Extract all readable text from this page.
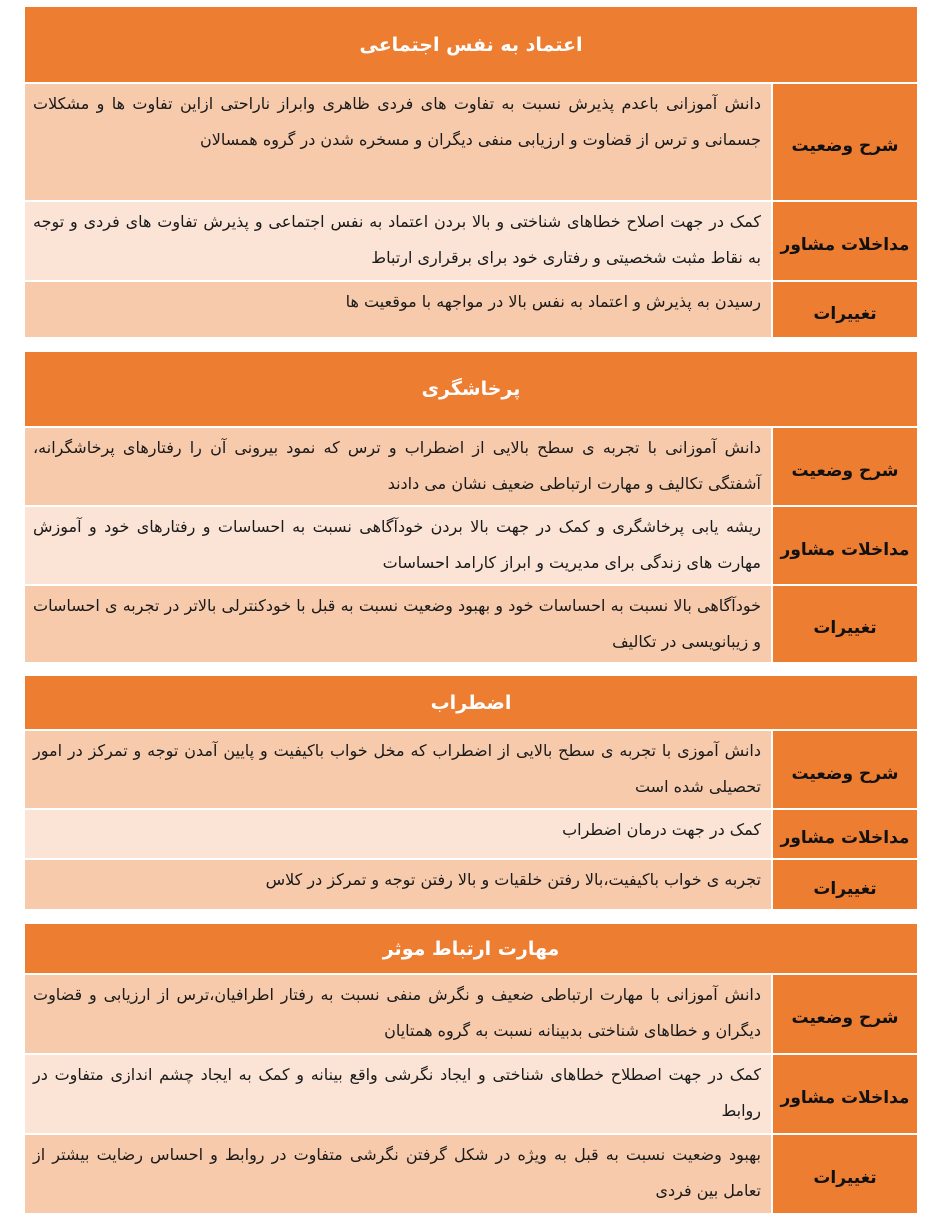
اعتماد به نفس اجتماعی
شرح وضعیت
دانش آموزانی باعدم پذیرش نسبت به تفاوت های فردی ظاهری وابراز ناراحتی ازاین تفاوت ها و مشکلات جسمانی و ترس از قضاوت و ارزیابی منفی دیگران و مسخره شدن در گروه همسالان
مداخلات مشاور
کمک در جهت اصلاح خطاهای شناختی و بالا بردن اعتماد به نفس اجتماعی و پذیرش تفاوت های فردی و توجه به نقاط مثبت شخصیتی و رفتاری خود برای برقراری ارتباط
تغییرات
رسیدن به پذیرش و اعتماد به نفس بالا در مواجهه با موقعیت ها
پرخاشگری
شرح وضعیت
دانش آموزانی با تجربه ی سطح بالایی از اضطراب و ترس که نمود بیرونی آن را رفتارهای پرخاشگرانه، آشفتگی تکالیف و مهارت ارتباطی ضعیف نشان می دادند
مداخلات مشاور
ریشه یابی پرخاشگری و کمک در جهت بالا بردن خودآگاهی نسبت به احساسات و رفتارهای خود و آموزش مهارت های زندگی برای مدیریت و ابراز کارامد احساسات
تغییرات
خودآگاهی بالا نسبت به احساسات خود و بهبود وضعیت نسبت به قبل با خودکنترلی بالاتر در تجربه ی احساسات و زیبانویسی در تکالیف
اضطراب
شرح وضعیت
دانش آموزی با تجربه ی سطح بالایی از اضطراب که مخل خواب باکیفیت و پایین آمدن توجه و تمرکز در امور تحصیلی شده است
مداخلات مشاور
کمک در جهت درمان اضطراب
تغییرات
تجربه ی خواب باکیفیت،بالا رفتن خلقیات و بالا رفتن توجه و تمرکز در کلاس
مهارت ارتباط موثر
شرح وضعیت
دانش آموزانی با مهارت ارتباطی ضعیف و نگرش منفی نسبت به رفتار اطرافیان،ترس از ارزیابی و قضاوت دیگران و خطاهای شناختی بدبینانه نسبت به گروه همتایان
مداخلات مشاور
کمک در جهت اصطلاح خطاهای شناختی و ایجاد نگرشی واقع بینانه و کمک به ایجاد چشم اندازی متفاوت در روابط
تغییرات
بهبود وضعیت نسبت به قبل به ویژه در شکل گرفتن نگرشی متفاوت در روابط و احساس رضایت بیشتر از تعامل بین فردی
